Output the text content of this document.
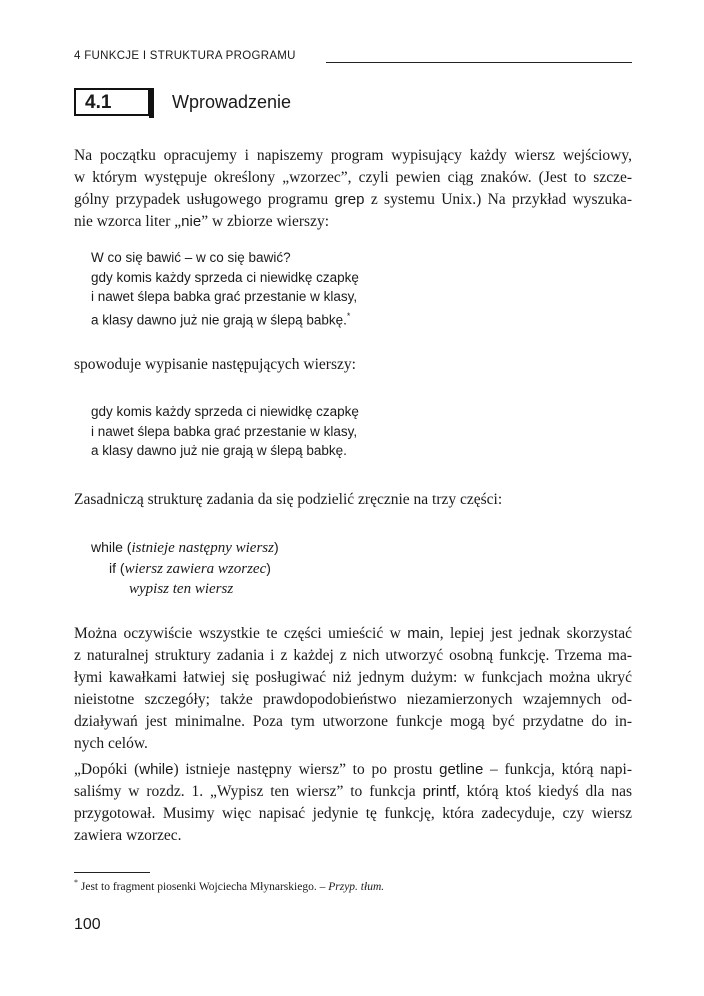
4 FUNKCJE I STRUKTURA PROGRAMU
4.1	Wprowadzenie
Na początku opracujemy i napiszemy program wypisujący każdy wiersz wejściowy,
w którym występuje określony „wzorzec”, czyli pewien ciąg znaków. (Jest to szcze-
gólny przypadek usługowego programu grep z systemu Unix.) Na przykład wyszuka-
nie wzorca liter „nie” w zbiorze wierszy:
W co się bawić – w co się bawić?
gdy komis każdy sprzeda ci niewidkę czapkę
i nawet ślepa babka grać przestanie w klasy,
a klasy dawno już nie grają w ślepą babkę.*
spowoduje wypisanie następujących wierszy:
gdy komis każdy sprzeda ci niewidkę czapkę
i nawet ślepa babka grać przestanie w klasy,
a klasy dawno już nie grają w ślepą babkę.
Zasadniczą strukturę zadania da się podzielić zręcznie na trzy części:
while (istnieje następny wiersz)
if (wiersz zawiera wzorzec)
wypisz ten wiersz
Można oczywiście wszystkie te części umieścić w main, lepiej jest jednak skorzystać
z naturalnej struktury zadania i z każdej z nich utworzyć osobną funkcję. Trzema ma-
łymi kawałkami łatwiej się posługiwać niż jednym dużym: w funkcjach można ukryć
nieistotne szczegóły; także prawdopodobieństwo niezamierzonych wzajemnych od-
działywań jest minimalne. Poza tym utworzone funkcje mogą być przydatne do in-
nych celów.
„Dopóki (while) istnieje następny wiersz” to po prostu getline – funkcja, którą napi-
saliśmy w rozdz. 1. „Wypisz ten wiersz” to funkcja printf, którą ktoś kiedyś dla nas
przygotował. Musimy więc napisać jedynie tę funkcję, która zadecyduje, czy wiersz
zawiera wzorzec.
* Jest to fragment piosenki Wojciecha Młynarskiego. – Przyp. tłum.
100
